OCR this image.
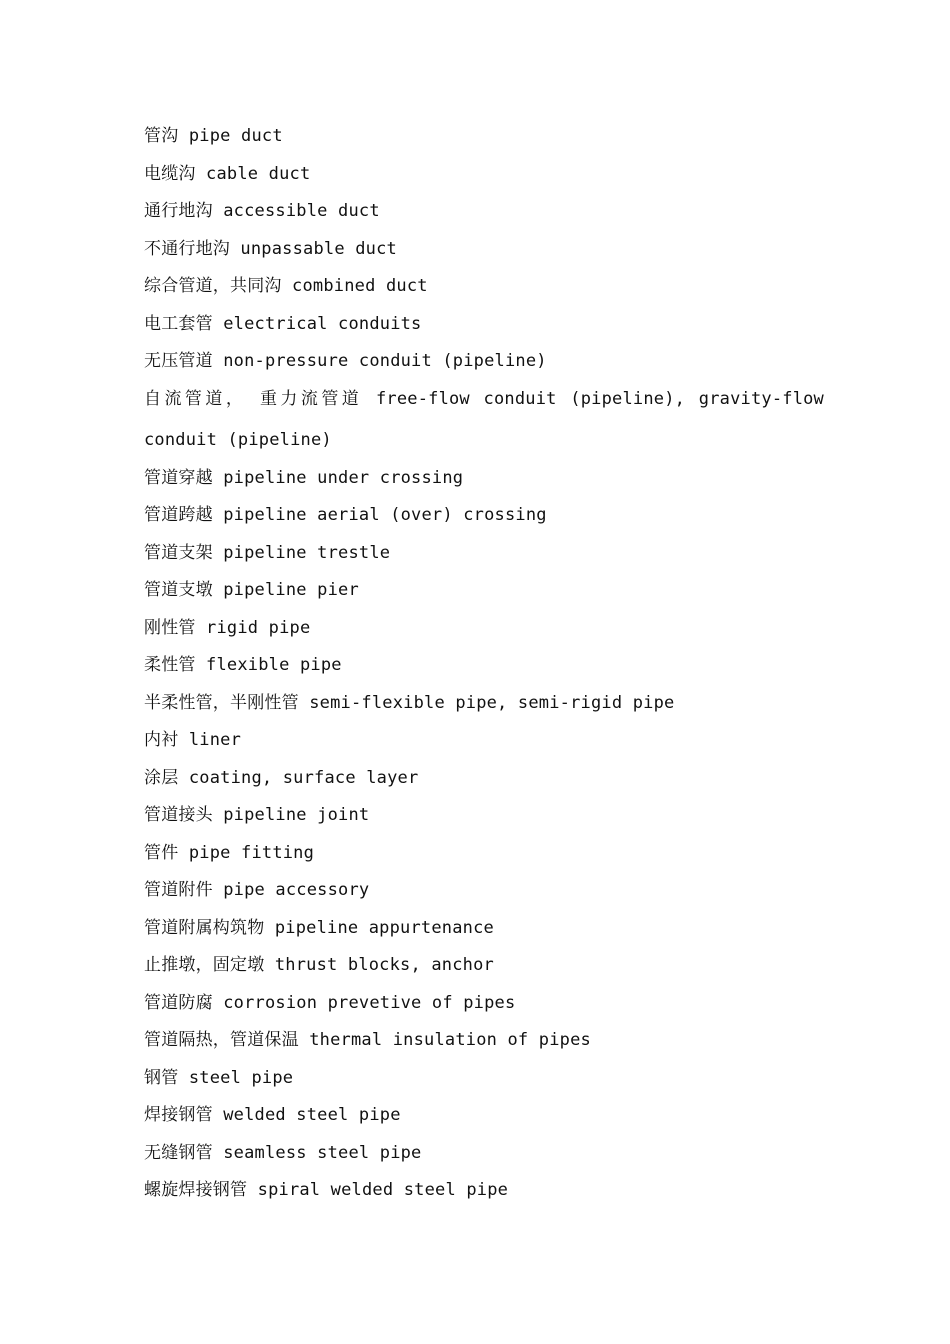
管沟 pipe duct
电缆沟 cable duct
通行地沟 accessible duct
不通行地沟 unpassable duct
综合管道，共同沟 combined duct
电工套管 electrical conduits
无压管道 non-pressure conduit (pipeline)
自流管道， 重力流管道 free-flow conduit (pipeline), gravity-flow conduit (pipeline)
管道穿越 pipeline under crossing
管道跨越 pipeline aerial (over) crossing
管道支架 pipeline trestle
管道支墩 pipeline pier
刚性管 rigid pipe
柔性管 flexible pipe
半柔性管，半刚性管 semi-flexible pipe, semi-rigid pipe
内衬 liner
涂层 coating, surface layer
管道接头 pipeline joint
管件 pipe fitting
管道附件 pipe accessory
管道附属构筑物 pipeline appurtenance
止推墩，固定墩 thrust blocks, anchor
管道防腐 corrosion prevetive of pipes
管道隔热，管道保温 thermal insulation of pipes
钢管 steel pipe
焊接钢管 welded steel pipe
无缝钢管 seamless steel pipe
螺旋焊接钢管 spiral welded steel pipe
